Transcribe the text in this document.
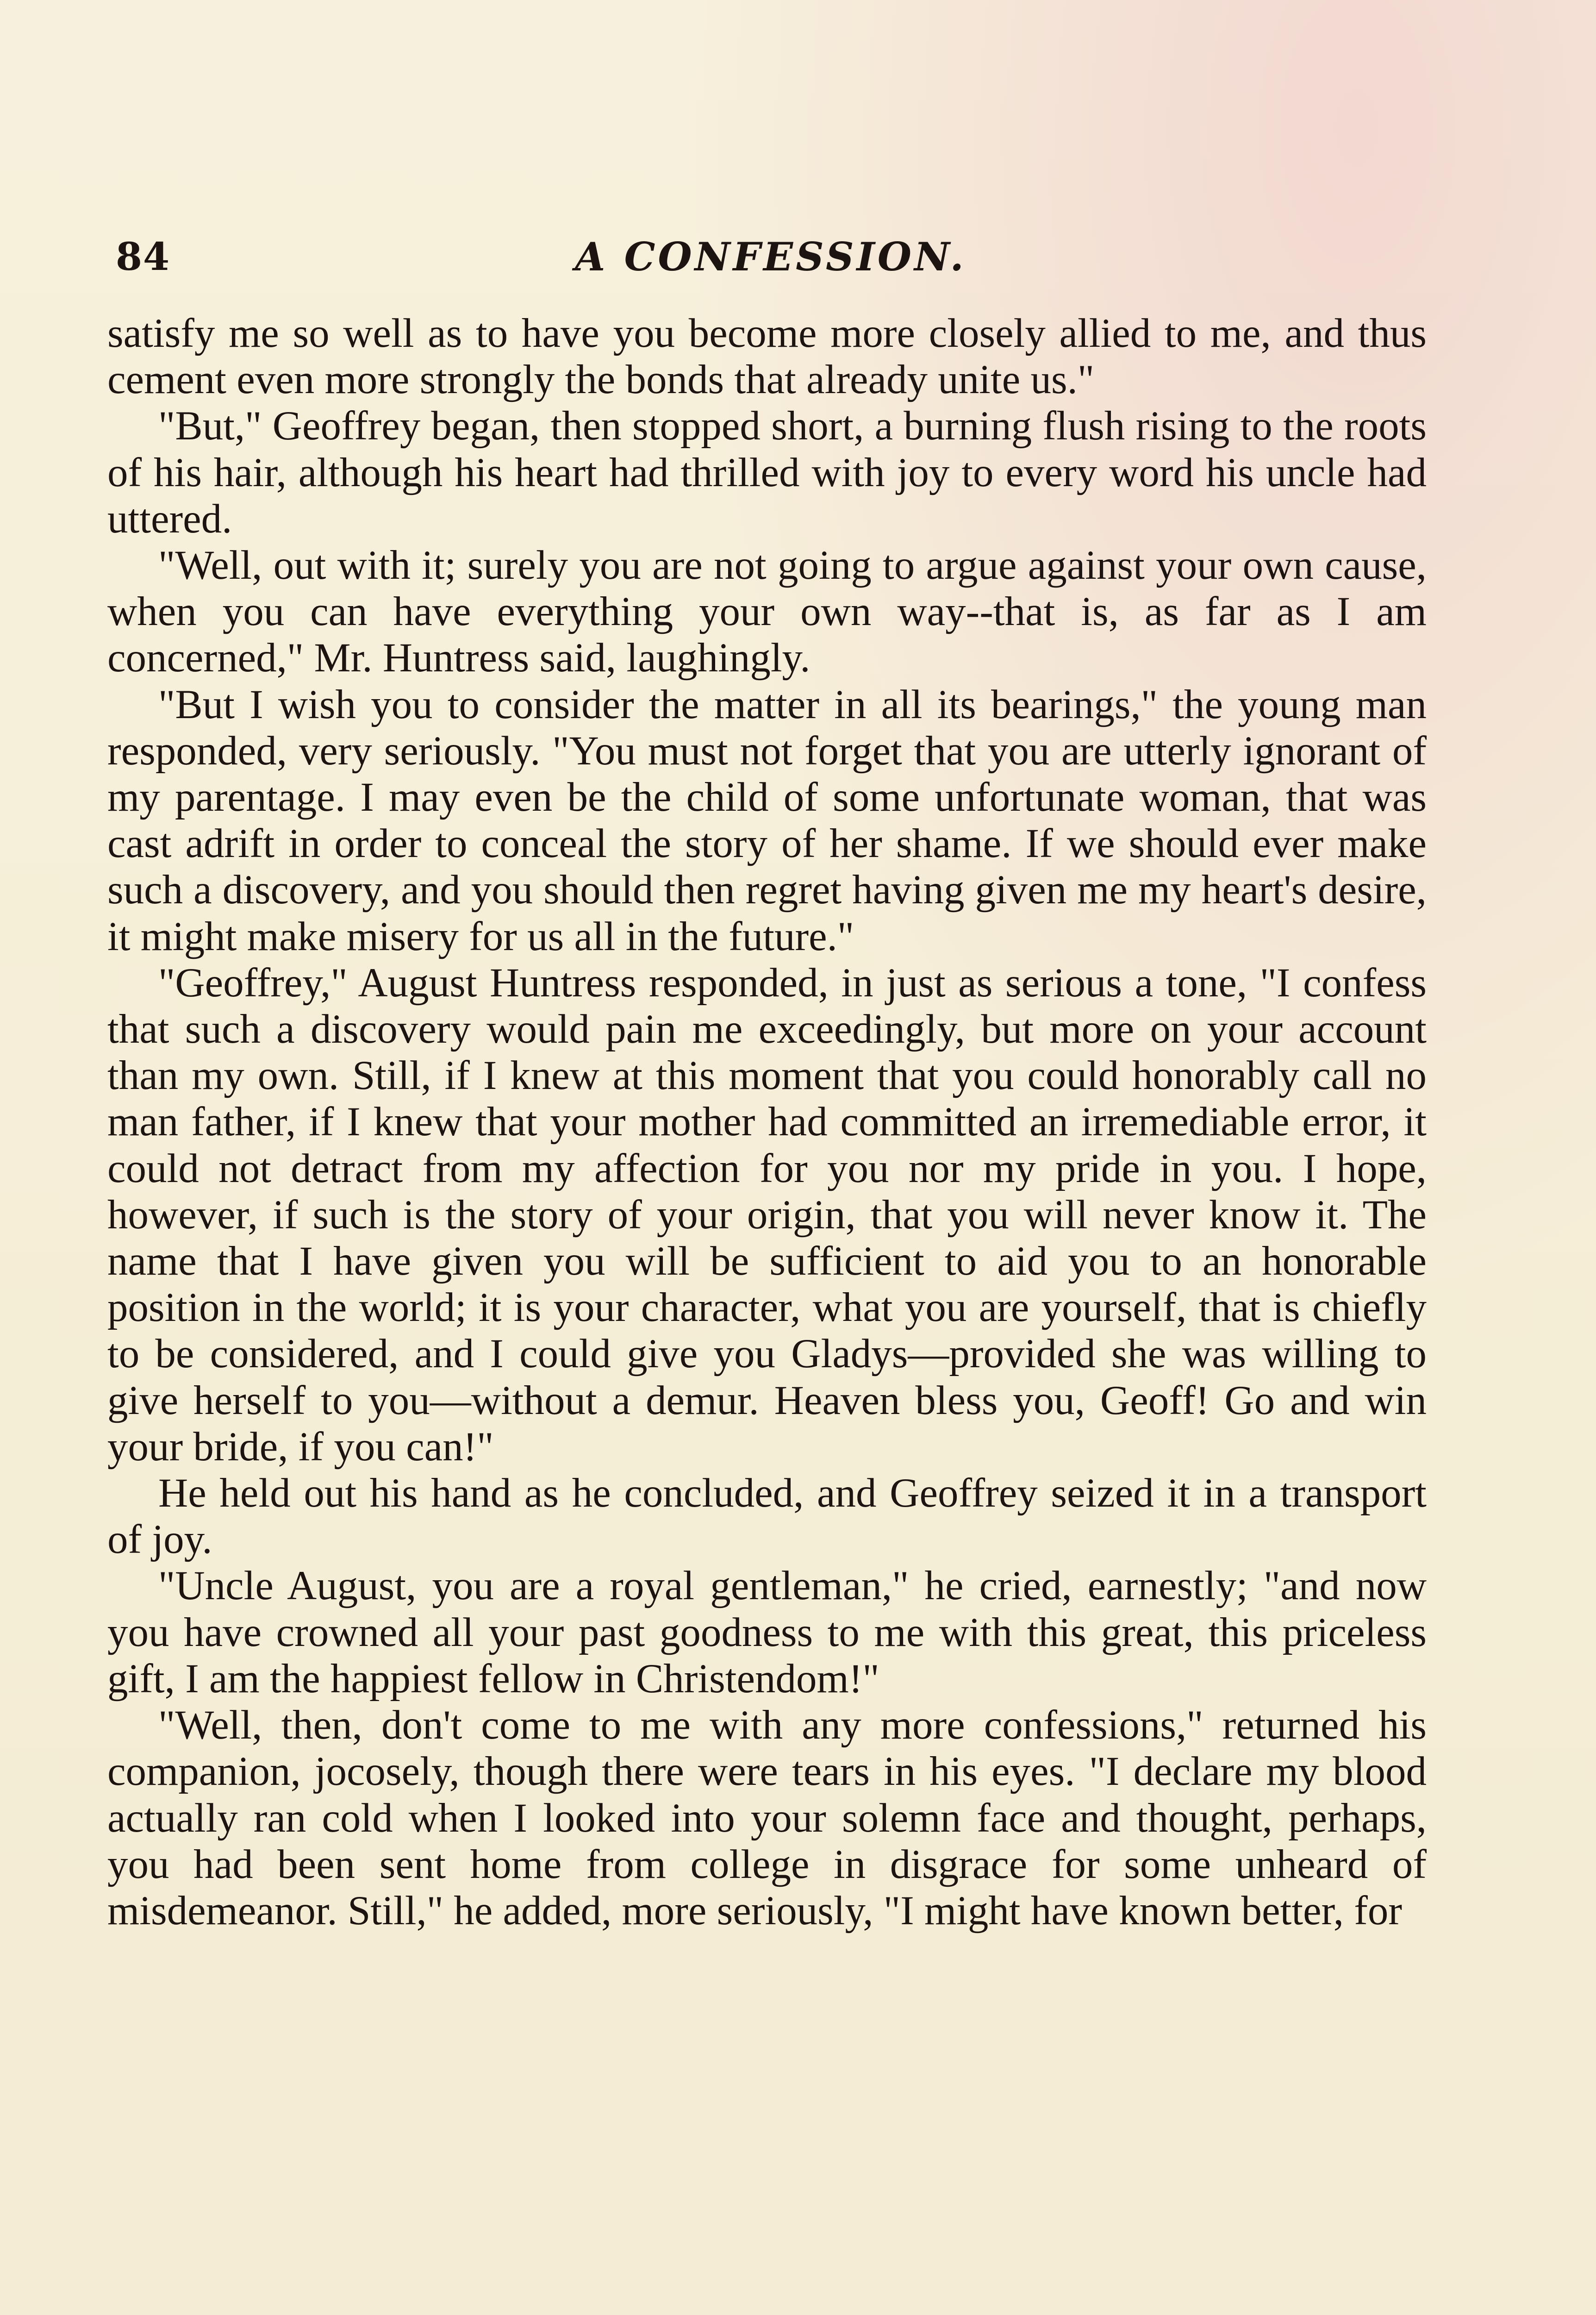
84	A CONFESSION.

satisfy me so well as to have you become more closely allied to me, and thus cement even more strongly the bonds that already unite us."

"But," Geoffrey began, then stopped short, a burning flush rising to the roots of his hair, although his heart had thrilled with joy to every word his uncle had uttered.

"Well, out with it; surely you are not going to argue against your own cause, when you can have everything your own way--that is, as far as I am concerned," Mr. Huntress said, laughingly.

"But I wish you to consider the matter in all its bearings," the young man responded, very seriously. "You must not forget that you are utterly ignorant of my parentage. I may even be the child of some unfortunate woman, that was cast adrift in order to conceal the story of her shame. If we should ever make such a discovery, and you should then regret having given me my heart's desire, it might make misery for us all in the future."

"Geoffrey," August Huntress responded, in just as serious a tone, "I confess that such a discovery would pain me exceedingly, but more on your account than my own. Still, if I knew at this moment that you could honorably call no man father, if I knew that your mother had committed an irremediable error, it could not detract from my affection for you nor my pride in you. I hope, however, if such is the story of your origin, that you will never know it. The name that I have given you will be sufficient to aid you to an honorable position in the world; it is your character, what you are yourself, that is chiefly to be considered, and I could give you Gladys—provided she was willing to give herself to you—without a demur. Heaven bless you, Geoff! Go and win your bride, if you can!"

He held out his hand as he concluded, and Geoffrey seized it in a transport of joy.

"Uncle August, you are a royal gentleman," he cried, earnestly; "and now you have crowned all your past goodness to me with this great, this priceless gift, I am the happiest fellow in Christendom!"

"Well, then, don't come to me with any more confessions," returned his companion, jocosely, though there were tears in his eyes. "I declare my blood actually ran cold when I looked into your solemn face and thought, perhaps, you had been sent home from college in disgrace for some unheard of misdemeanor. Still," he added, more seriously, "I might have known better, for
